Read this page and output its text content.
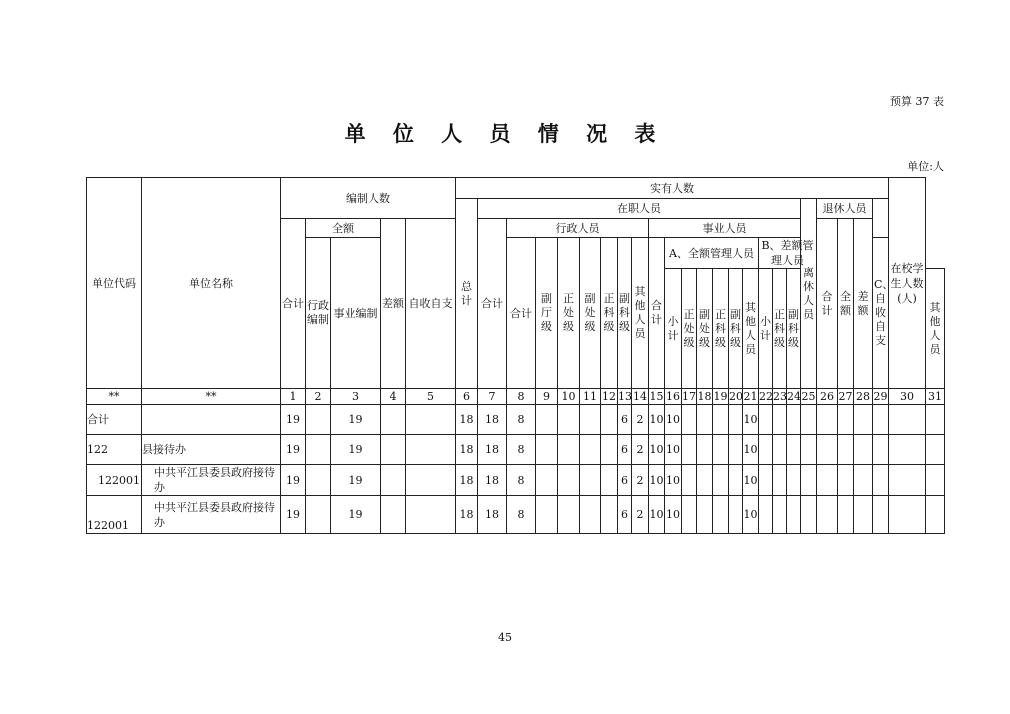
预算 37 表
单 位 人 员 情 况 表
单位:人
单位代码	单位名称	编制人数					实有人数																								在校学生人数(人)	
							总计	在职人员																		离休人员	退休人员					
		合计	全额		差额	自收自支		合计	行政人员							事业人员											合计	全额	差额			
			行政编制	事业编制					合计	副厅级	正处级	副处级	正科级	副科级	其他人员	合计	A、全额管理人员						B、差额管理人员							C、自收自支		
																	小计	正处级	副处级	正科级	副科级	其他人员	小计	正科级	副科级							其他人员

**	**	1	2	3	4	5	6	7	8	9	10	11	12	13	14	15	16	17	18	19	20	21	22	23	24	25	26	27	28	29	30	31
合计		19		19			18	18	8					6	2	10	10					10										
122	县接待办	19		19			18	18	8					6	2	10	10					10										
122001	中共平江县委县政府接待办	19		19			18	18	8					6	2	10	10					10										
122001	中共平江县委县政府接待办	19		19			18	18	8					6	2	10	10					10										
45
